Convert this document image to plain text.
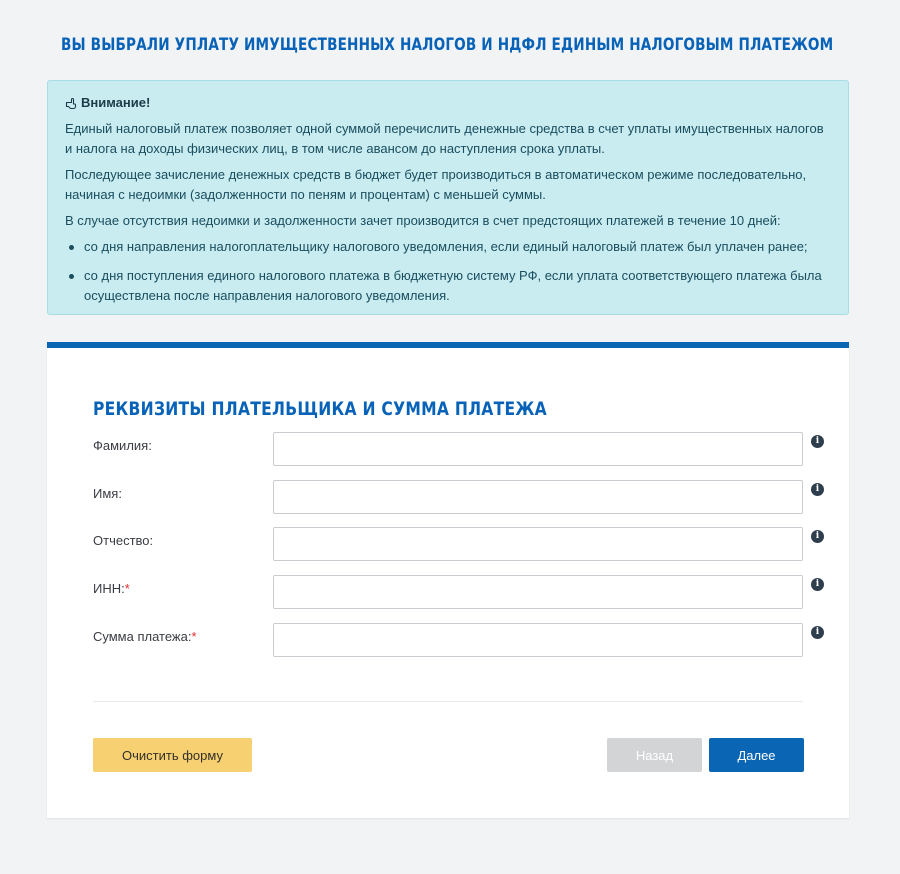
ВЫ ВЫБРАЛИ УПЛАТУ ИМУЩЕСТВЕННЫХ НАЛОГОВ И НДФЛ ЕДИНЫМ НАЛОГОВЫМ ПЛАТЕЖОМ
Внимание!

Единый налоговый платеж позволяет одной суммой перечислить денежные средства в счет уплаты имущественных налогов и налога на доходы физических лиц, в том числе авансом до наступления срока уплаты.

Последующее зачисление денежных средств в бюджет будет производиться в автоматическом режиме последовательно, начиная с недоимки (задолженности по пеням и процентам) с меньшей суммы.

В случае отсутствия недоимки и задолженности зачет производится в счет предстоящих платежей в течение 10 дней:

со дня направления налогоплательщику налогового уведомления, если единый налоговый платеж был уплачен ранее;
со дня поступления единого налогового платежа в бюджетную систему РФ, если уплата соответствующего платежа была осуществлена после направления налогового уведомления.
РЕКВИЗИТЫ ПЛАТЕЛЬЩИКА И СУММА ПЛАТЕЖА
Фамилия:	i
Имя:	i
Отчество:	i
ИНН:*	i
Сумма платежа:*	i
Очистить форму	Назад	Далее
